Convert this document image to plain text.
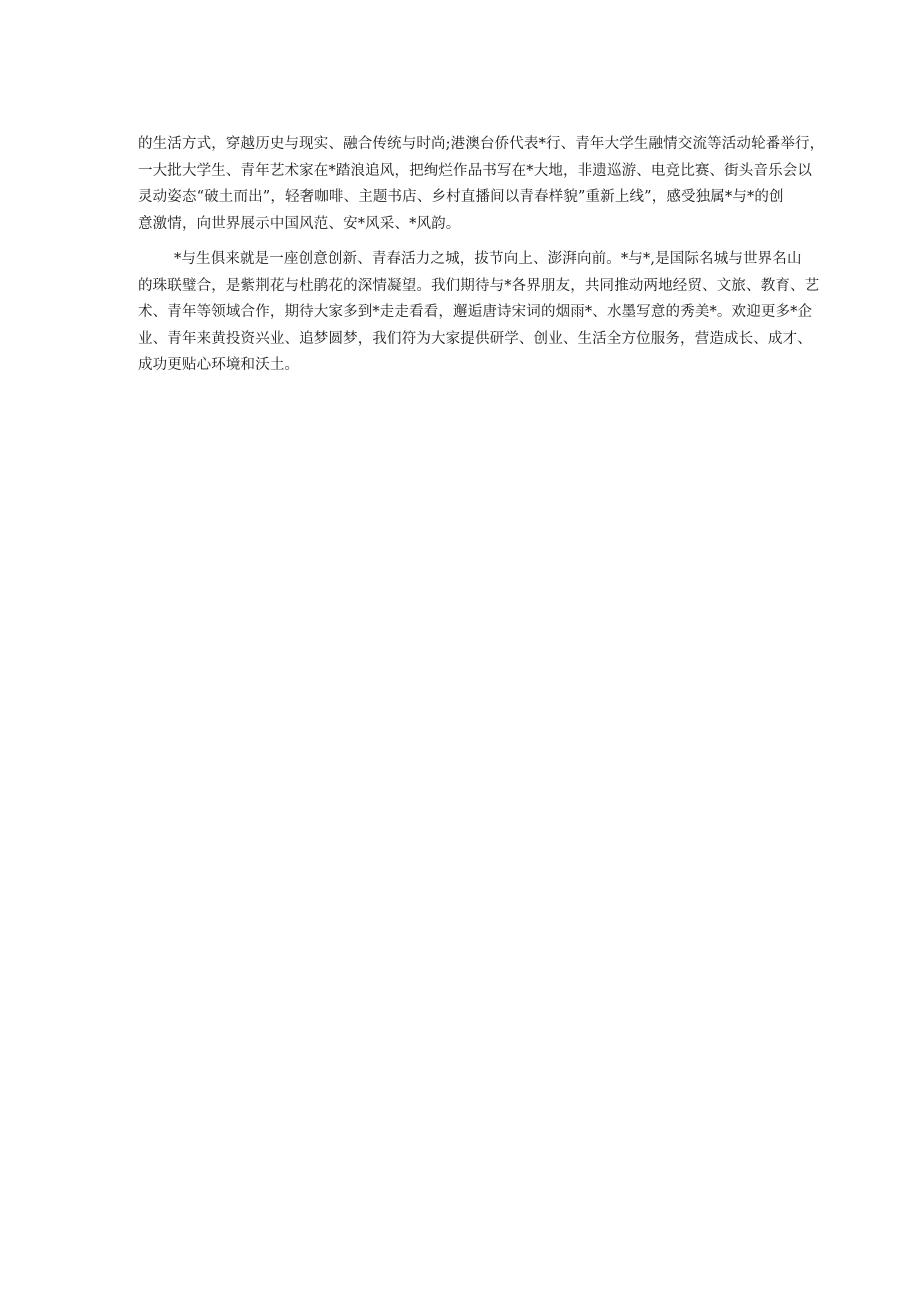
的生活方式，穿越历史与现实、融合传统与时尚;港澳台侨代表*行、青年大学生融情交流等活动轮番举行，
一大批大学生、青年艺术家在*踏浪追风，把绚烂作品书写在*大地，非遗巡游、电竞比赛、街头音乐会以
灵动姿态“破土而出”，轻奢咖啡、主题书店、乡村直播间以青春样貌”重新上线”，感受独属*与*的创
意激情，向世界展示中国风范、安*风采、*风韵。

*与生俱来就是一座创意创新、青春活力之城，拔节向上、澎湃向前。*与*,是国际名城与世界名山
的珠联璧合，是紫荆花与杜鹃花的深情凝望。我们期待与*各界朋友，共同推动两地经贸、文旅、教育、艺
术、青年等领域合作，期待大家多到*走走看看，邂逅唐诗宋词的烟雨*、水墨写意的秀美*。欢迎更多*企
业、青年来黄投资兴业、追梦圆梦，我们符为大家提供研学、创业、生活全方位服务，营造成长、成才、
成功更贴心环境和沃土。
